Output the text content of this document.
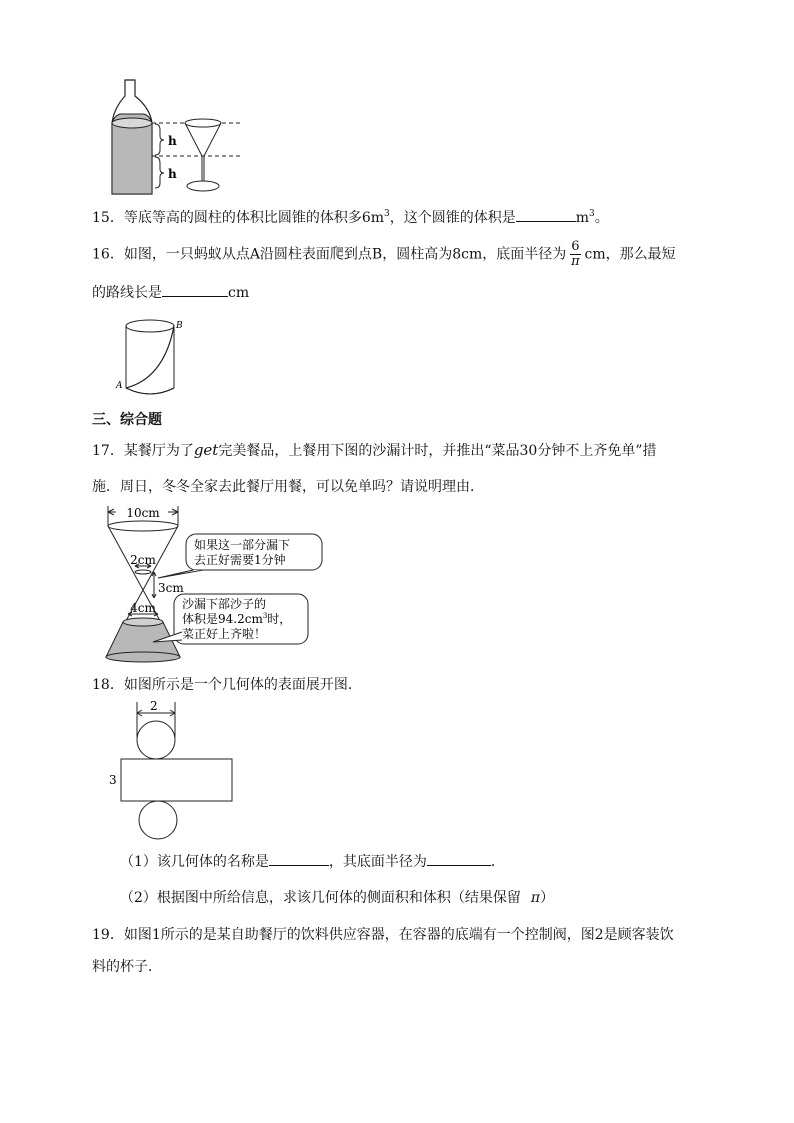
h
h
15．等底等高的圆柱的体积比圆锥的体积多$6m^3$，这个圆锥的体积是	$m^3$。
16．如图，一只蚂蚁从点A沿圆柱表面爬到点B，圆柱高为8cm，底面半径为 $\frac{6}{\pi}$ cm，那么最短
的路线长是	cm
A
B
三、综合题
17．某餐厅为了get完美餐品，上餐用下图的沙漏计时，并推出“菜品30分钟不上齐免单”措
施．周日，冬冬全家去此餐厅用餐，可以免单吗？请说明理由．
10cm
2cm
3cm
4cm
如果这一部分漏下
去正好需要1分钟
沙漏下部沙子的
体积是$94.2cm^3$时，
菜正好上齐啦！
18．如图所示是一个几何体的表面展开图．
2
3
（1）该几何体的名称是	，其底面半径为	．
（2）根据图中所给信息，求该几何体的侧面积和体积（结果保留 π）
19．如图1所示的是某自助餐厅的饮料供应容器，在容器的底端有一个控制阀，图2是顾客装饮
料的杯子．
